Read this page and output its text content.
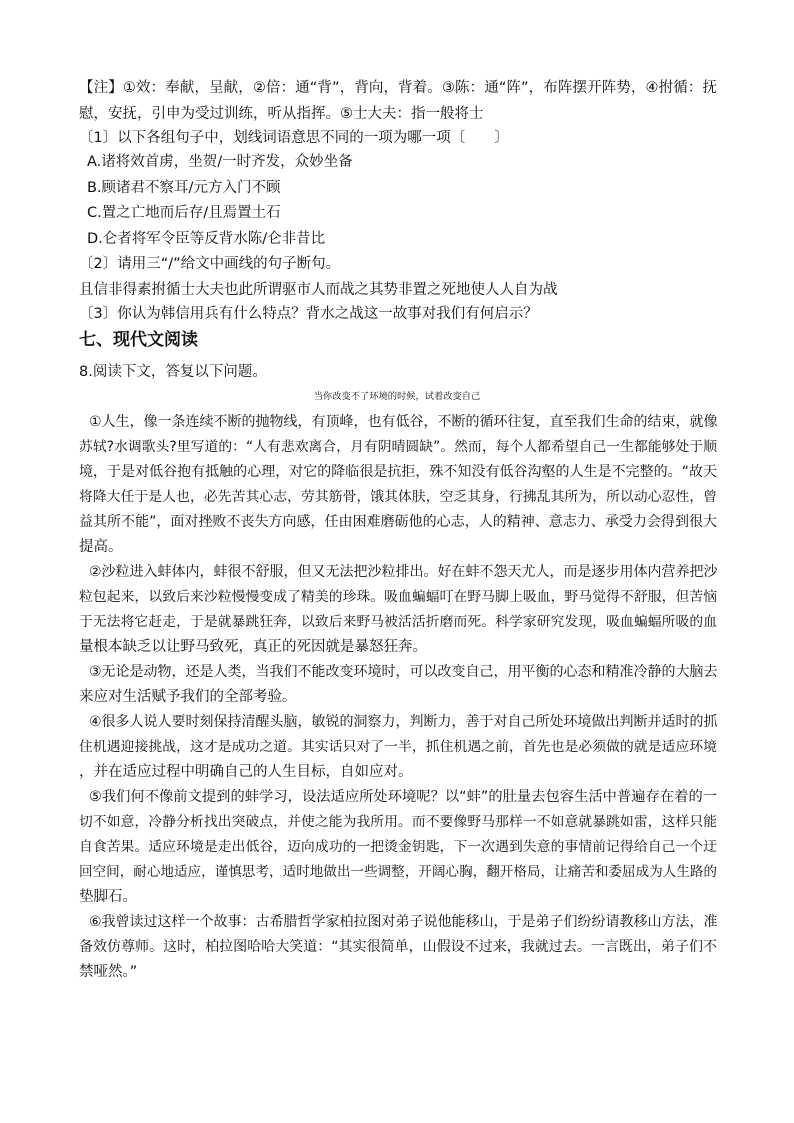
【注】①效：奉献，呈献，②倍：通“背”，背向，背着。③陈：通“阵”，布阵摆开阵势，④拊循：抚
慰，安抚，引申为受过训练，听从指挥。⑤士大夫：指一般将士
〔1〕以下各组句子中，划线词语意思不同的一项为哪一项〔　　〕
A.诸将效首虏，坐贺/一时齐发，众妙坐备
B.顾诸君不察耳/元方入门不顾
C.置之亡地而后存/且焉置土石
D.仑者将军令臣等反背水陈/仑非昔比
〔2〕请用三“/”给文中画线的句子断句。
且信非得素拊循士大夫也此所谓驱市人而战之其势非置之死地使人人自为战
〔3〕你认为韩信用兵有什么特点？背水之战这一故事对我们有何启示？
七、现代文阅读
8.阅读下文，答复以下问题。
当你改变不了环境的时候，试着改变自己
①人生，像一条连续不断的抛物线，有顶峰，也有低谷，不断的循环往复，直至我们生命的结束，就像
苏轼?水调歌头?里写道的：“人有悲欢离合，月有阴晴圆缺”。然而，每个人都希望自己一生都能够处于顺
境，于是对低谷抱有抵触的心理，对它的降临很是抗拒，殊不知没有低谷沟壑的人生是不完整的。“故天
将降大任于是人也，必先苦其心志，劳其筋骨，饿其体肤，空乏其身，行拂乱其所为，所以动心忍性，曾
益其所不能”，面对挫败不丧失方向感，任由困难磨砺他的心志，人的精神、意志力、承受力会得到很大
提高。
②沙粒进入蚌体内，蚌很不舒服，但又无法把沙粒排出。好在蚌不怨天尤人，而是逐步用体内营养把沙
粒包起来，以致后来沙粒慢慢变成了精美的珍珠。吸血蝙蝠叮在野马脚上吸血，野马觉得不舒服，但苦恼
于无法将它赶走，于是就暴跳狂奔，以致后来野马被活活折磨而死。科学家研究发现，吸血蝙蝠所吸的血
量根本缺乏以让野马致死，真正的死因就是暴怒狂奔。
③无论是动物，还是人类，当我们不能改变环境时，可以改变自己，用平衡的心态和精准冷静的大脑去
来应对生活赋予我们的全部考验。
④很多人说人要时刻保持清醒头脑，敏锐的洞察力，判断力，善于对自己所处环境做出判断并适时的抓
住机遇迎接挑战，这才是成功之道。其实话只对了一半，抓住机遇之前，首先也是必须做的就是适应环境
，并在适应过程中明确自己的人生目标，自如应对。
⑤我们何不像前文提到的蚌学习，设法适应所处环境呢？以“蚌”的肚量去包容生活中普遍存在着的一
切不如意，冷静分析找出突破点，并使之能为我所用。而不要像野马那样一不如意就暴跳如雷，这样只能
自食苦果。适应环境是走出低谷，迈向成功的一把烫金钥匙，下一次遇到失意的事情前记得给自己一个迂
回空间，耐心地适应，谨慎思考，适时地做出一些调整，开阔心胸，翻开格局，让痛苦和委屈成为人生路的
垫脚石。
⑥我曾读过这样一个故事：古希腊哲学家柏拉图对弟子说他能移山，于是弟子们纷纷请教移山方法，准
备效仿尊师。这时，柏拉图哈哈大笑道：“其实很简单，山假设不过来，我就过去。一言既出，弟子们不
禁哑然。”
